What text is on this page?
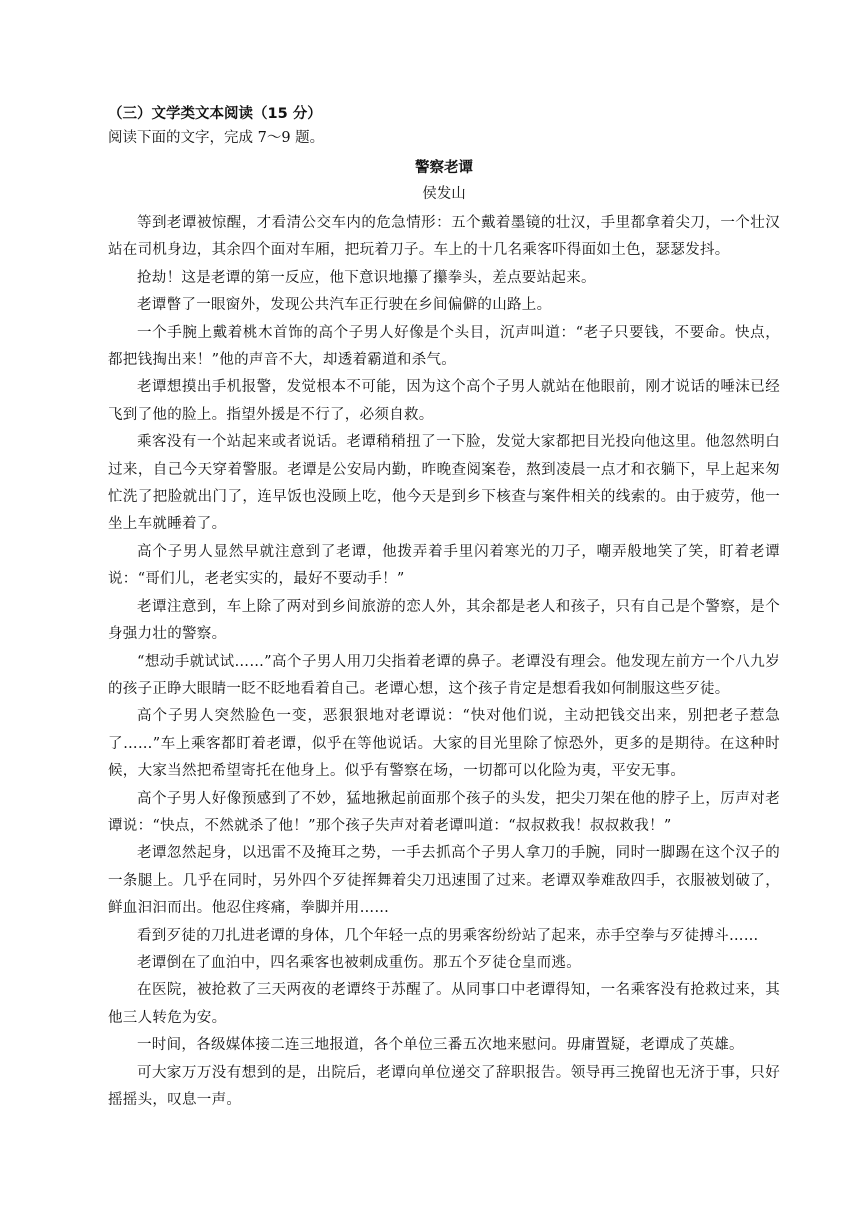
（三）文学类文本阅读（15 分）

阅读下面的文字，完成 7～9 题。

警察老谭

侯发山

等到老谭被惊醒，才看清公交车内的危急情形：五个戴着墨镜的壮汉，手里都拿着尖刀，一个壮汉站在司机身边，其余四个面对车厢，把玩着刀子。车上的十几名乘客吓得面如土色，瑟瑟发抖。

抢劫！这是老谭的第一反应，他下意识地攥了攥拳头，差点要站起来。

老谭瞥了一眼窗外，发现公共汽车正行驶在乡间偏僻的山路上。

一个手腕上戴着桃木首饰的高个子男人好像是个头目，沉声叫道：“老子只要钱，不要命。快点，都把钱掏出来！”他的声音不大，却透着霸道和杀气。

老谭想摸出手机报警，发觉根本不可能，因为这个高个子男人就站在他眼前，刚才说话的唾沫已经飞到了他的脸上。指望外援是不行了，必须自救。

乘客没有一个站起来或者说话。老谭稍稍扭了一下脸，发觉大家都把目光投向他这里。他忽然明白过来，自己今天穿着警服。老谭是公安局内勤，昨晚查阅案卷，熬到凌晨一点才和衣躺下，早上起来匆忙洗了把脸就出门了，连早饭也没顾上吃，他今天是到乡下核查与案件相关的线索的。由于疲劳，他一坐上车就睡着了。

高个子男人显然早就注意到了老谭，他拨弄着手里闪着寒光的刀子，嘲弄般地笑了笑，盯着老谭说：“哥们儿，老老实实的，最好不要动手！”

老谭注意到，车上除了两对到乡间旅游的恋人外，其余都是老人和孩子，只有自己是个警察，是个身强力壮的警察。

“想动手就试试……”高个子男人用刀尖指着老谭的鼻子。老谭没有理会。他发现左前方一个八九岁的孩子正睁大眼睛一眨不眨地看着自己。老谭心想，这个孩子肯定是想看我如何制服这些歹徒。

高个子男人突然脸色一变，恶狠狠地对老谭说：“快对他们说，主动把钱交出来，别把老子惹急了……”车上乘客都盯着老谭，似乎在等他说话。大家的目光里除了惊恐外，更多的是期待。在这种时候，大家当然把希望寄托在他身上。似乎有警察在场，一切都可以化险为夷，平安无事。

高个子男人好像预感到了不妙，猛地揪起前面那个孩子的头发，把尖刀架在他的脖子上，厉声对老谭说：“快点，不然就杀了他！”那个孩子失声对着老谭叫道：“叔叔救我！叔叔救我！”

老谭忽然起身，以迅雷不及掩耳之势，一手去抓高个子男人拿刀的手腕，同时一脚踢在这个汉子的一条腿上。几乎在同时，另外四个歹徒挥舞着尖刀迅速围了过来。老谭双拳难敌四手，衣服被划破了，鲜血汩汩而出。他忍住疼痛，拳脚并用……

看到歹徒的刀扎进老谭的身体，几个年轻一点的男乘客纷纷站了起来，赤手空拳与歹徒搏斗……

老谭倒在了血泊中，四名乘客也被刺成重伤。那五个歹徒仓皇而逃。

在医院，被抢救了三天两夜的老谭终于苏醒了。从同事口中老谭得知，一名乘客没有抢救过来，其他三人转危为安。

一时间，各级媒体接二连三地报道，各个单位三番五次地来慰问。毋庸置疑，老谭成了英雄。

可大家万万没有想到的是，出院后，老谭向单位递交了辞职报告。领导再三挽留也无济于事，只好摇摇头，叹息一声。
